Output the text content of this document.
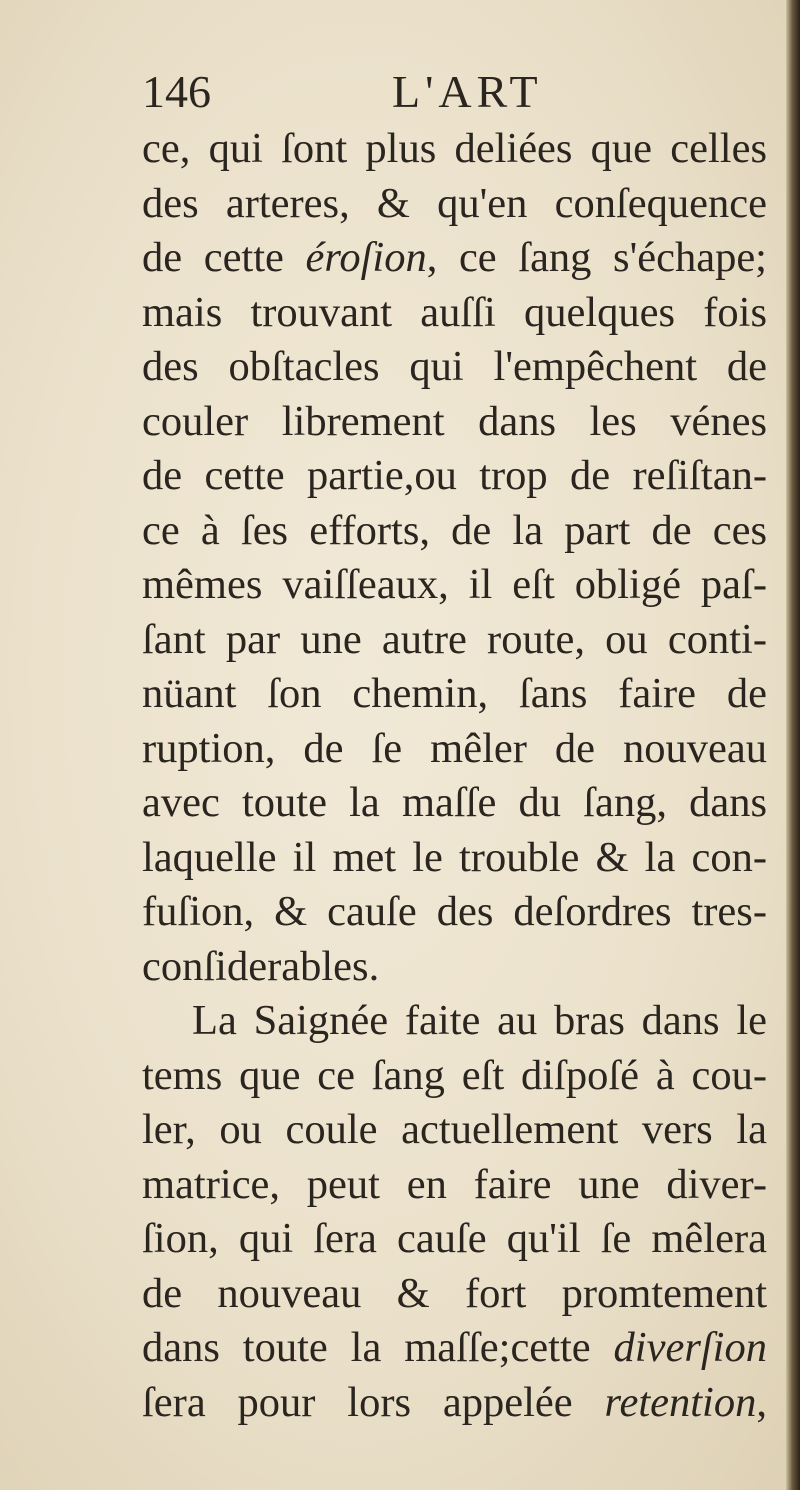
146	L'ART
ce, qui ſont plus deliées que celles
des arteres, & qu'en conſequence
de cette éroſion, ce ſang s'échape;
mais trouvant auſſi quelques fois
des obſtacles qui l'empêchent de
couler librement dans les vénes
de cette partie,ou trop de reſiſtan-
ce à ſes efforts, de la part de ces
mêmes vaiſſeaux, il eſt obligé paſ-
ſant par une autre route, ou conti-
nüant ſon chemin, ſans faire de
ruption, de ſe mêler de nouveau
avec toute la maſſe du ſang, dans
laquelle il met le trouble & la con-
fuſion, & cauſe des deſordres tres-
conſiderables.
La Saignée faite au bras dans le
tems que ce ſang eſt diſpoſé à cou-
ler, ou coule actuellement vers la
matrice, peut en faire une diver-
ſion, qui ſera cauſe qu'il ſe mêlera
de nouveau & fort promtement
dans toute la maſſe;cette diverſion
ſera pour lors appelée retention,
